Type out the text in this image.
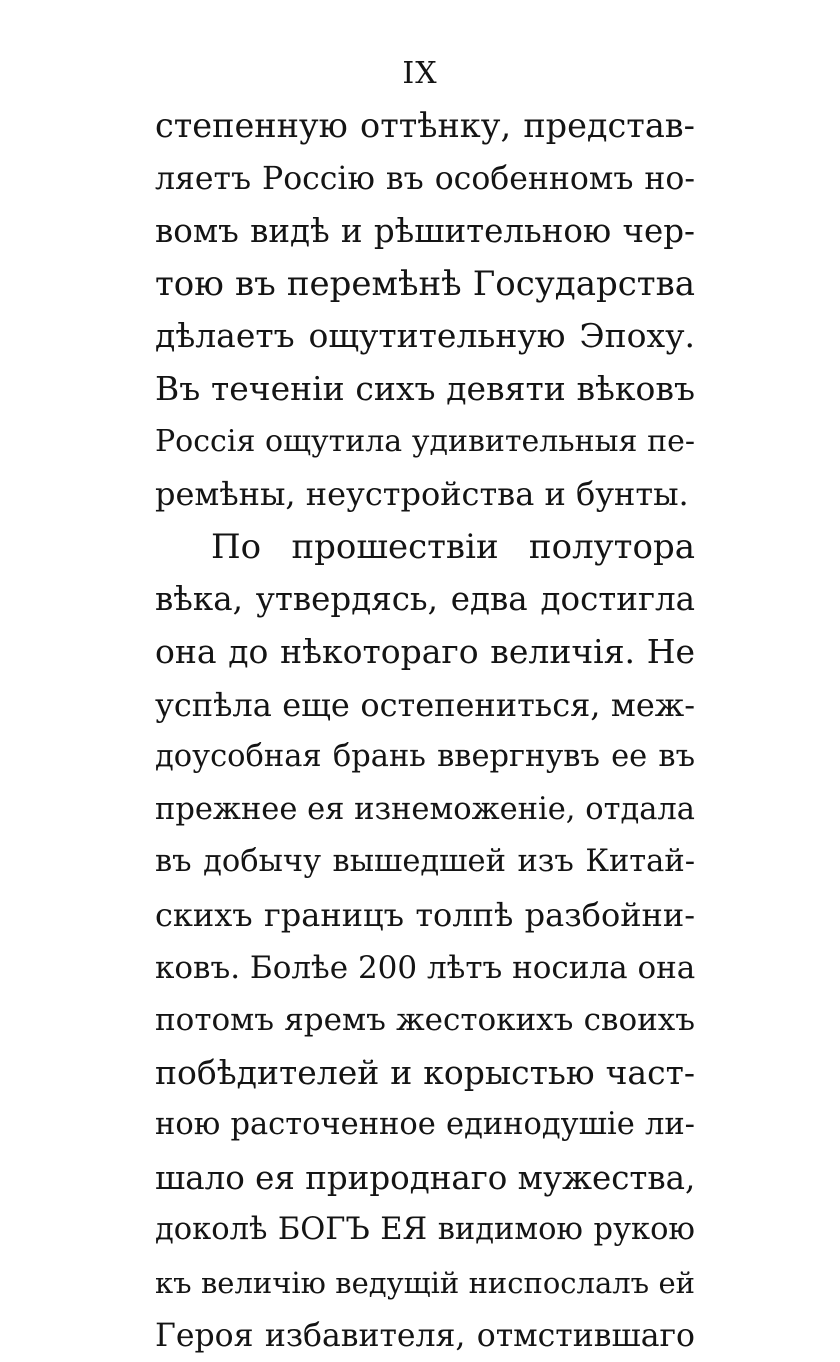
IX
степенную оттѣнку, представ-
ляетъ Россію въ особенномъ но-
вомъ видѣ и рѣшительною чер-
тою въ перемѣнѣ Государства
дѣлаетъ ощутительную Эпоху.
Въ теченіи сихъ девяти вѣковъ
Россія ощутила удивительныя пе-
ремѣны, неустройства и бунты.
По прошествіи полутора
вѣка, утвердясь, едва достигла
она до нѣкотораго величія. Не
успѣла еще остепениться, меж-
доусобная брань ввергнувъ ее въ
прежнее ея изнеможеніе, отдала
въ добычу вышедшей изъ Китай-
скихъ границъ толпѣ разбойни-
ковъ. Болѣе 200 лѣтъ носила она
потомъ яремъ жестокихъ своихъ
побѣдителей и корыстью част-
ною расточенное единодушіе ли-
шало ея природнаго мужества,
доколѣ БОГЪ ЕЯ видимою рукою
къ величію ведущій ниспослалъ ей
Героя избавителя, отмстившаго
